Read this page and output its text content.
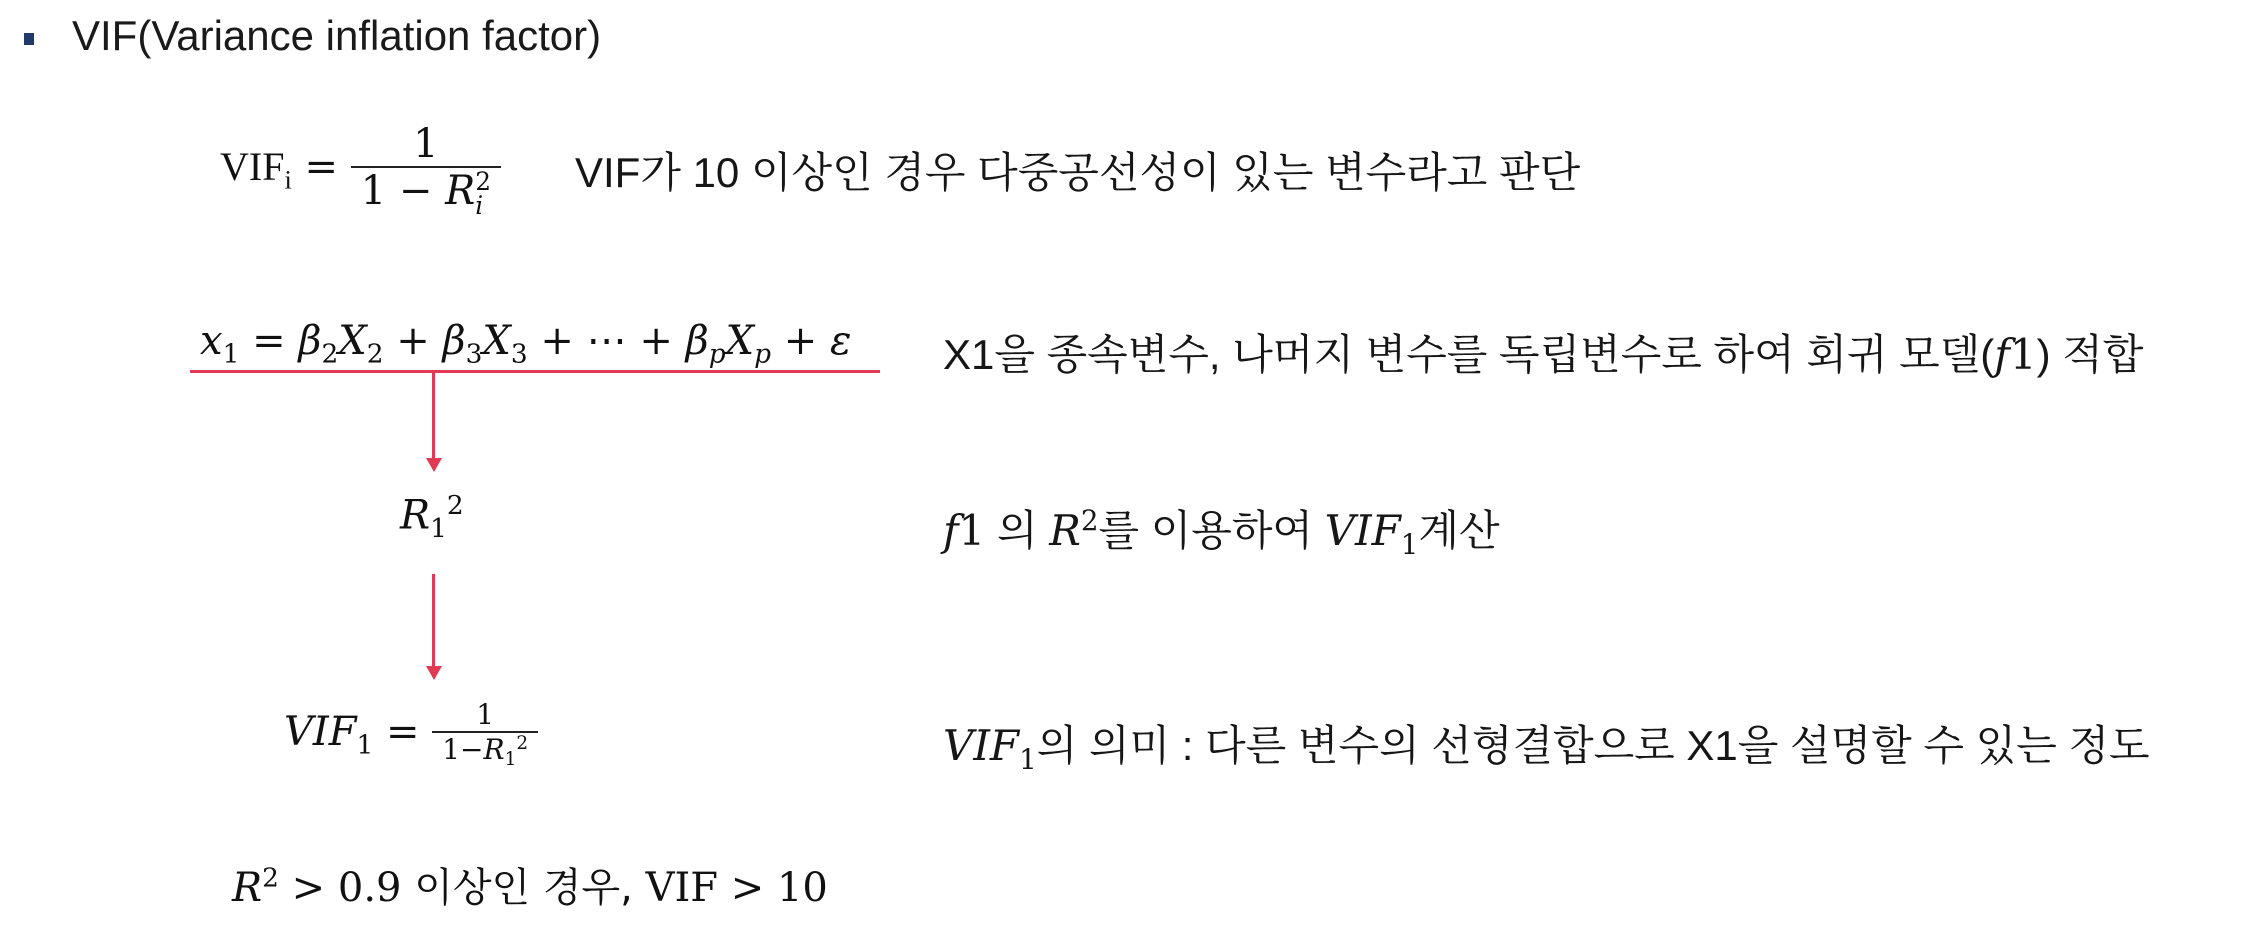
VIF(Variance inflation factor)
$VIF_i = 1$
1 − R 2
i VIF가 10 이상인 경우 다중공선성이 있는 변수라고 판단
$x_1 = \beta_2X_2 + \beta_3X_3$ + ⋯ + $\beta_pX_p + \varepsilon$ X1을 종속변수, 나머지 변수를 독립변수로 하여 회귀 모델(f1) 적합
$R_1^2$
f1 의 $R^2$를 이용하여 $VIF_1$계산
$VIF_1 = \frac{1}{1-R_1^2}$	$VIF_1$의 의미 : 다른 변수의 선형결합으로 X1을 설명할 수 있는 정도
$R^2 > 0.9$ 이상인 경우, VIF > 10
